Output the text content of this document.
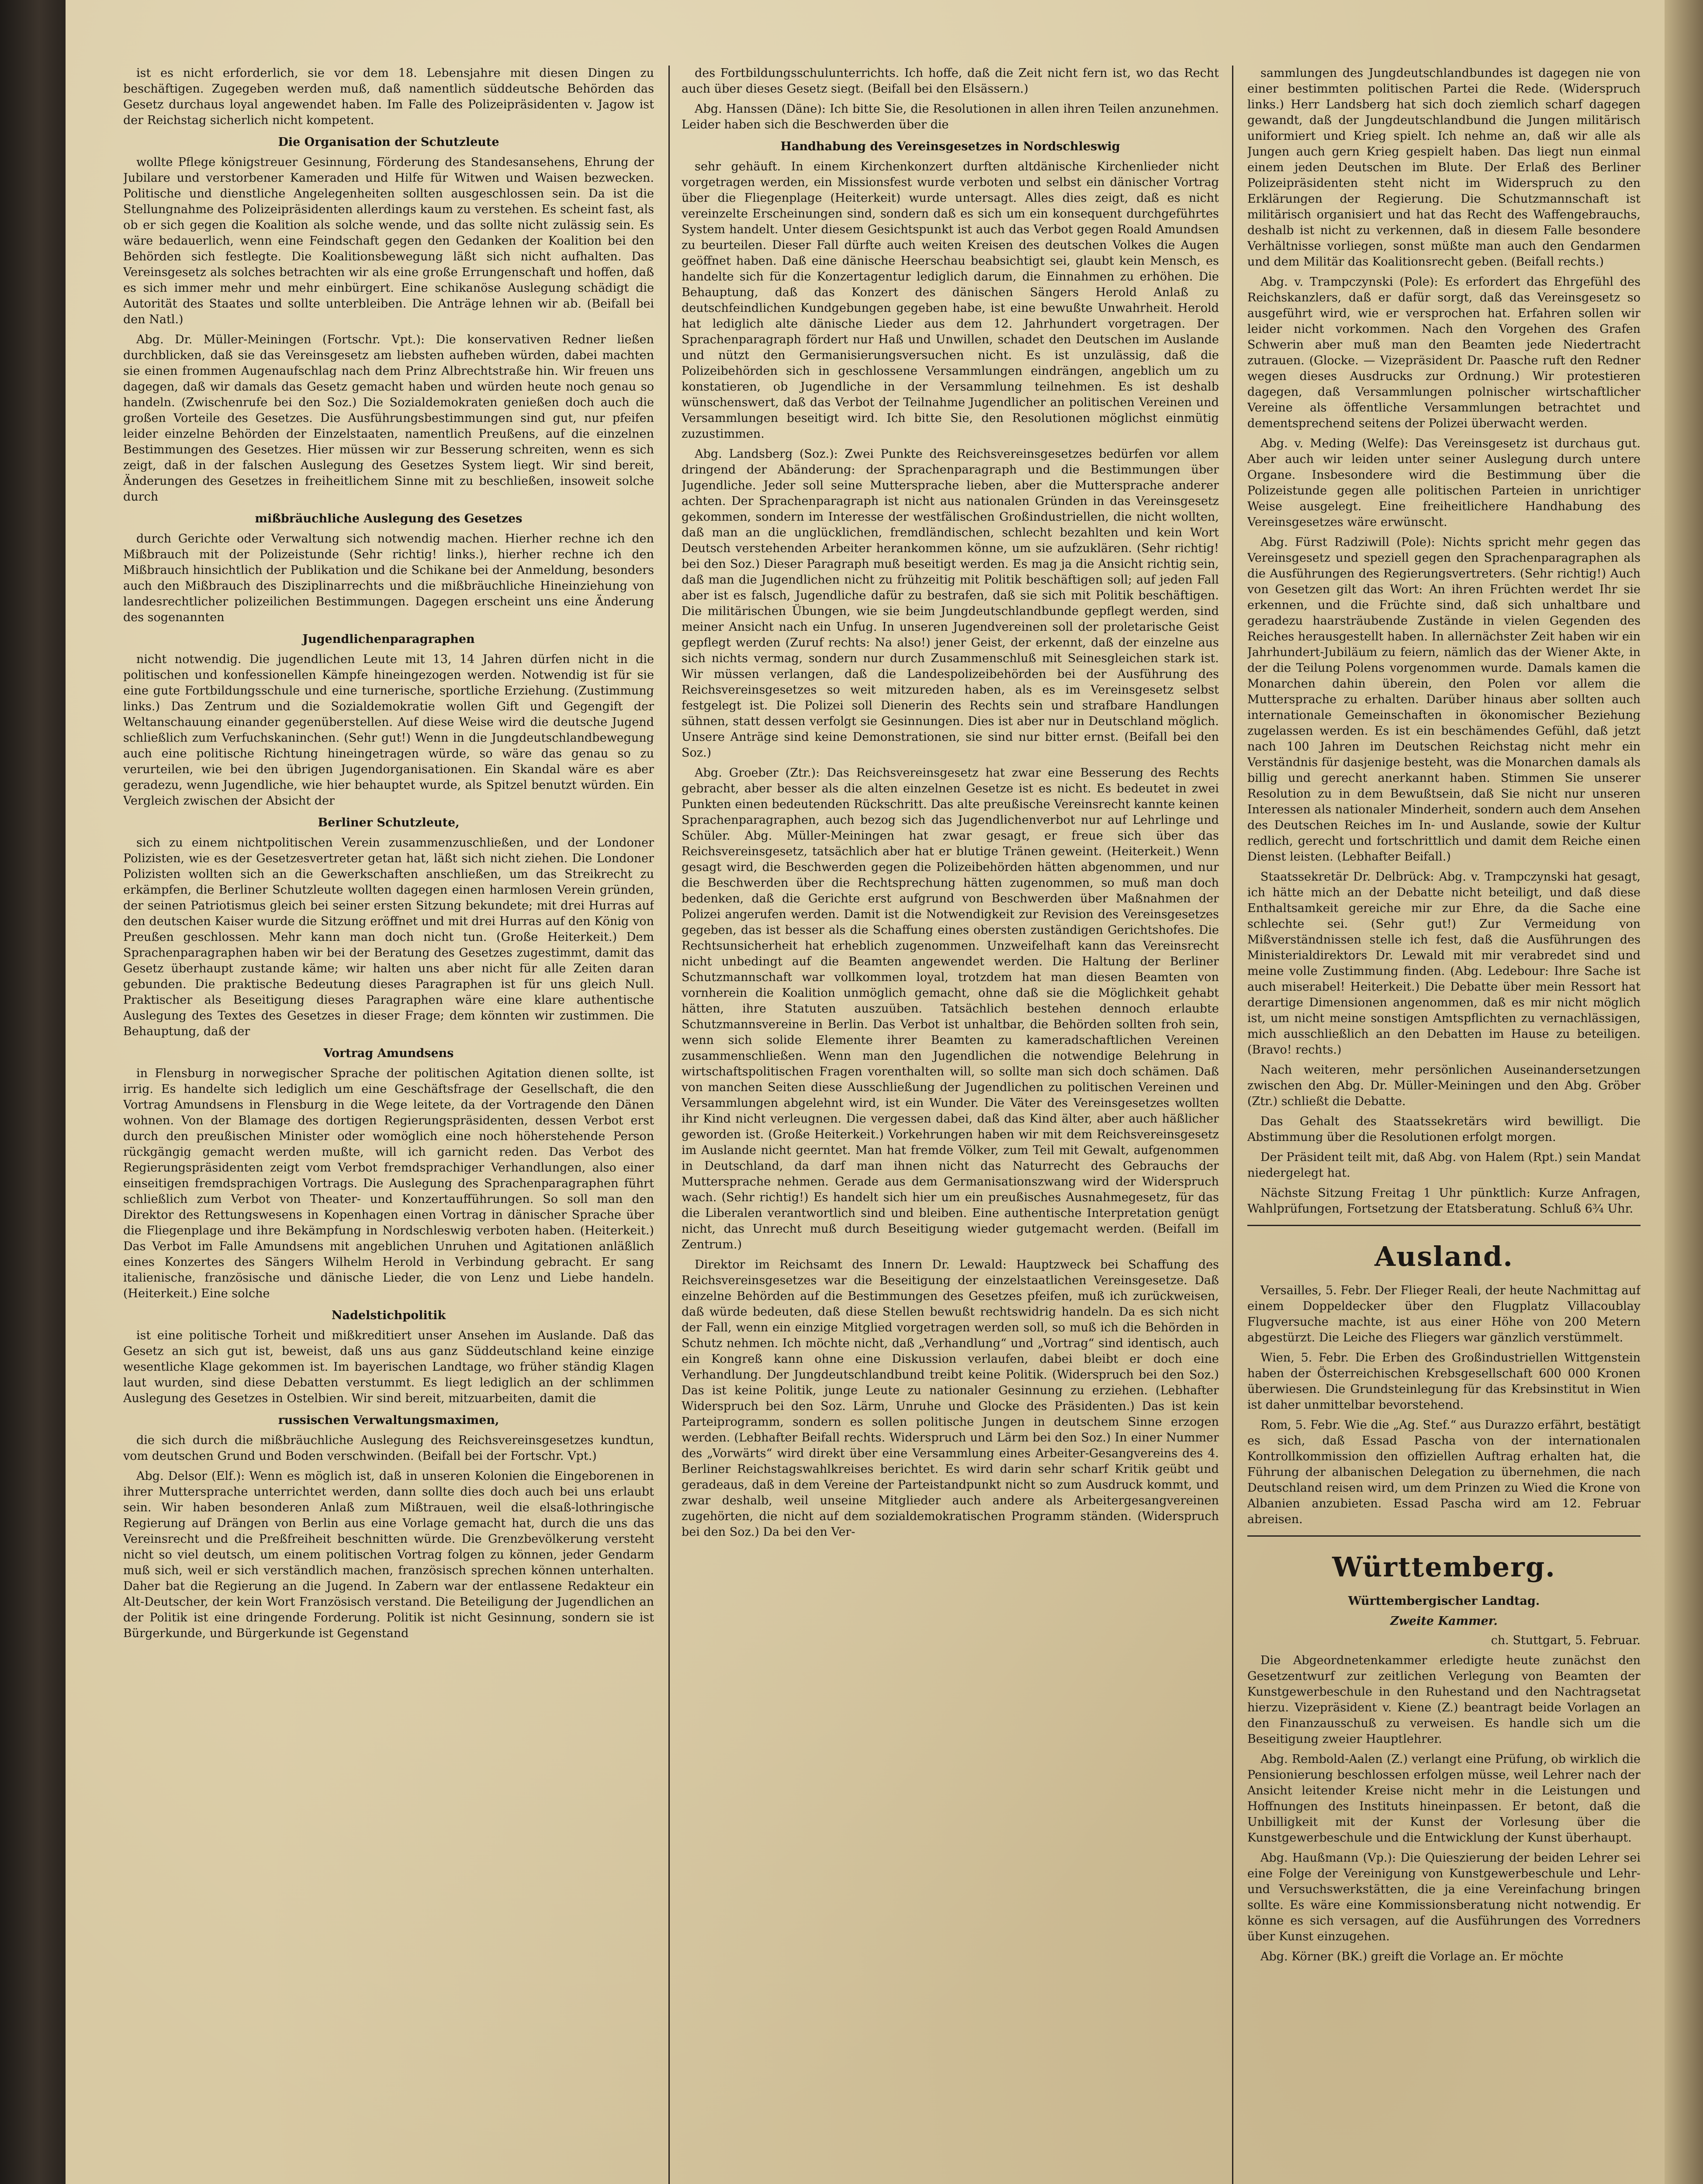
ist es nicht erforderlich, sie vor dem 18. Lebensjahre mit diesen Dingen zu beschäftigen. Zugegeben werden muß, daß namentlich süddeutsche Behörden das Gesetz durchaus loyal angewendet haben. Im Falle des Polizeipräsidenten v. Jagow ist der Reichstag sicherlich nicht kompetent.

Die Organisation der Schutzleute

wollte Pflege königstreuer Gesinnung, Förderung des Standesansehens, Ehrung der Jubilare und verstorbener Kameraden und Hilfe für Witwen und Waisen bezwecken. Politische und dienstliche Angelegenheiten sollten ausgeschlossen sein. Da ist die Stellungnahme des Polizeipräsidenten allerdings kaum zu verstehen. Es scheint fast, als ob er sich gegen die Koalition als solche wende, und das sollte nicht zulässig sein. Es wäre bedauerlich, wenn eine Feindschaft gegen den Gedanken der Koalition bei den Behörden sich festlegte. Die Koalitionsbewegung läßt sich nicht aufhalten. Das Vereinsgesetz als solches betrachten wir als eine große Errungenschaft und hoffen, daß es sich immer mehr und mehr einbürgert. Eine schikanöse Auslegung schädigt die Autorität des Staates und sollte unterbleiben. Die Anträge lehnen wir ab. (Beifall bei den Natl.)

Abg. Dr. Müller-Meiningen (Fortschr. Vpt.): Die konservativen Redner ließen durchblicken, daß sie das Vereinsgesetz am liebsten aufheben würden, dabei machten sie einen frommen Augenaufschlag nach dem Prinz Albrechtstraße hin. Wir freuen uns dagegen, daß wir damals das Gesetz gemacht haben und würden heute noch genau so handeln. (Zwischenrufe bei den Soz.) Die Sozialdemokraten genießen doch auch die großen Vorteile des Gesetzes. Die Ausführungsbestimmungen sind gut, nur pfeifen leider einzelne Behörden der Einzelstaaten, namentlich Preußens, auf die einzelnen Bestimmungen des Gesetzes. Hier müssen wir zur Besserung schreiten, wenn es sich zeigt, daß in der falschen Auslegung des Gesetzes System liegt. Wir sind bereit, Änderungen des Gesetzes in freiheitlichem Sinne mit zu beschließen, insoweit solche durch

mißbräuchliche Auslegung des Gesetzes

durch Gerichte oder Verwaltung sich notwendig machen. Hierher rechne ich den Mißbrauch mit der Polizeistunde (Sehr richtig! links.), hierher rechne ich den Mißbrauch hinsichtlich der Publikation und die Schikane bei der Anmeldung, besonders auch den Mißbrauch des Disziplinarrechts und die mißbräuchliche Hineinziehung von landesrechtlicher polizeilichen Bestimmungen. Dagegen erscheint uns eine Änderung des sogenannten

Jugendlichenparagraphen

nicht notwendig. Die jugendlichen Leute mit 13, 14 Jahren dürfen nicht in die politischen und konfessionellen Kämpfe hineingezogen werden. Notwendig ist für sie eine gute Fortbildungsschule und eine turnerische, sportliche Erziehung. (Zustimmung links.) Das Zentrum und die Sozialdemokratie wollen Gift und Gegengift der Weltanschauung einander gegenüberstellen. Auf diese Weise wird die deutsche Jugend schließlich zum Verfuchskaninchen. (Sehr gut!) Wenn in die Jungdeutschlandbewegung auch eine politische Richtung hineingetragen würde, so wäre das genau so zu verurteilen, wie bei den übrigen Jugendorganisationen. Ein Skandal wäre es aber geradezu, wenn Jugendliche, wie hier behauptet wurde, als Spitzel benutzt würden. Ein Vergleich zwischen der Absicht der

Berliner Schutzleute,

sich zu einem nichtpolitischen Verein zusammenzuschließen, und der Londoner Polizisten, wie es der Gesetzesvertreter getan hat, läßt sich nicht ziehen. Die Londoner Polizisten wollten sich an die Gewerkschaften anschließen, um das Streikrecht zu erkämpfen, die Berliner Schutzleute wollten dagegen einen harmlosen Verein gründen, der seinen Patriotismus gleich bei seiner ersten Sitzung bekundete; mit drei Hurras auf den deutschen Kaiser wurde die Sitzung eröffnet und mit drei Hurras auf den König von Preußen geschlossen. Mehr kann man doch nicht tun. (Große Heiterkeit.) Dem Sprachenparagraphen haben wir bei der Beratung des Gesetzes zugestimmt, damit das Gesetz überhaupt zustande käme; wir halten uns aber nicht für alle Zeiten daran gebunden. Die praktische Bedeutung dieses Paragraphen ist für uns gleich Null. Praktischer als Beseitigung dieses Paragraphen wäre eine klare authentische Auslegung des Textes des Gesetzes in dieser Frage; dem könnten wir zustimmen. Die Behauptung, daß der

Vortrag Amundsens

in Flensburg in norwegischer Sprache der politischen Agitation dienen sollte, ist irrig. Es handelte sich lediglich um eine Geschäftsfrage der Gesellschaft, die den Vortrag Amundsens in Flensburg in die Wege leitete, da der Vortragende den Dänen wohnen. Von der Blamage des dortigen Regierungspräsidenten, dessen Verbot erst durch den preußischen Minister oder womöglich eine noch höherstehende Person rückgängig gemacht werden mußte, will ich garnicht reden. Das Verbot des Regierungspräsidenten zeigt vom Verbot fremdsprachiger Verhandlungen, also einer einseitigen fremdsprachigen Vortrags. Die Auslegung des Sprachenparagraphen führt schließlich zum Verbot von Theater- und Konzertaufführungen. So soll man den Direktor des Rettungswesens in Kopenhagen einen Vortrag in dänischer Sprache über die Fliegenplage und ihre Bekämpfung in Nordschleswig verboten haben. (Heiterkeit.) Das Verbot im Falle Amundsens mit angeblichen Unruhen und Agitationen anläßlich eines Konzertes des Sängers Wilhelm Herold in Verbindung gebracht. Er sang italienische, französische und dänische Lieder, die von Lenz und Liebe handeln. (Heiterkeit.) Eine solche

Nadelstichpolitik

ist eine politische Torheit und mißkreditiert unser Ansehen im Auslande. Daß das Gesetz an sich gut ist, beweist, daß uns aus ganz Süddeutschland keine einzige wesentliche Klage gekommen ist. Im bayerischen Landtage, wo früher ständig Klagen laut wurden, sind diese Debatten verstummt. Es liegt lediglich an der schlimmen Auslegung des Gesetzes in Ostelbien. Wir sind bereit, mitzuarbeiten, damit die

russischen Verwaltungsmaximen,

die sich durch die mißbräuchliche Auslegung des Reichsvereinsgesetzes kundtun, vom deutschen Grund und Boden verschwinden. (Beifall bei der Fortschr. Vpt.)

Abg. Delsor (Elf.): Wenn es möglich ist, daß in unseren Kolonien die Eingeborenen in ihrer Muttersprache unterrichtet werden, dann sollte dies doch auch bei uns erlaubt sein. Wir haben besonderen Anlaß zum Mißtrauen, weil die elsaß-lothringische Regierung auf Drängen von Berlin aus eine Vorlage gemacht hat, durch die uns das Vereinsrecht und die Preßfreiheit beschnitten würde. Die Grenzbevölkerung versteht nicht so viel deutsch, um einem politischen Vortrag folgen zu können, jeder Gendarm muß sich, weil er sich verständlich machen, französisch sprechen können unterhalten. Daher bat die Regierung an die Jugend. In Zabern war der entlassene Redakteur ein Alt-Deutscher, der kein Wort Französisch verstand. Die Beteiligung der Jugendlichen an der Politik ist eine dringende Forderung. Politik ist nicht Gesinnung, sondern sie ist Bürgerkunde, und Bürgerkunde ist Gegenstand

des Fortbildungsschulunterrichts. Ich hoffe, daß die Zeit nicht fern ist, wo das Recht auch über dieses Gesetz siegt. (Beifall bei den Elsässern.)

Abg. Hanssen (Däne): Ich bitte Sie, die Resolutionen in allen ihren Teilen anzunehmen. Leider haben sich die Beschwerden über die

Handhabung des Vereinsgesetzes in Nordschleswig

sehr gehäuft. In einem Kirchenkonzert durften altdänische Kirchenlieder nicht vorgetragen werden, ein Missionsfest wurde verboten und selbst ein dänischer Vortrag über die Fliegenplage (Heiterkeit) wurde untersagt. Alles dies zeigt, daß es nicht vereinzelte Erscheinungen sind, sondern daß es sich um ein konsequent durchgeführtes System handelt. Unter diesem Gesichtspunkt ist auch das Verbot gegen Roald Amundsen zu beurteilen. Dieser Fall dürfte auch weiten Kreisen des deutschen Volkes die Augen geöffnet haben. Daß eine dänische Heerschau beabsichtigt sei, glaubt kein Mensch, es handelte sich für die Konzertagentur lediglich darum, die Einnahmen zu erhöhen. Die Behauptung, daß das Konzert des dänischen Sängers Herold Anlaß zu deutschfeindlichen Kundgebungen gegeben habe, ist eine bewußte Unwahrheit. Herold hat lediglich alte dänische Lieder aus dem 12. Jahrhundert vorgetragen. Der Sprachenparagraph fördert nur Haß und Unwillen, schadet den Deutschen im Auslande und nützt den Germanisierungsversuchen nicht. Es ist unzulässig, daß die Polizeibehörden sich in geschlossene Versammlungen eindrängen, angeblich um zu konstatieren, ob Jugendliche in der Versammlung teilnehmen. Es ist deshalb wünschenswert, daß das Verbot der Teilnahme Jugendlicher an politischen Vereinen und Versammlungen beseitigt wird. Ich bitte Sie, den Resolutionen möglichst einmütig zuzustimmen.

Abg. Landsberg (Soz.): Zwei Punkte des Reichsvereinsgesetzes bedürfen vor allem dringend der Abänderung: der Sprachenparagraph und die Bestimmungen über Jugendliche. Jeder soll seine Muttersprache lieben, aber die Muttersprache anderer achten. Der Sprachenparagraph ist nicht aus nationalen Gründen in das Vereinsgesetz gekommen, sondern im Interesse der westfälischen Großindustriellen, die nicht wollten, daß man an die unglücklichen, fremdländischen, schlecht bezahlten und kein Wort Deutsch verstehenden Arbeiter herankommen könne, um sie aufzuklären. (Sehr richtig! bei den Soz.) Dieser Paragraph muß beseitigt werden. Es mag ja die Ansicht richtig sein, daß man die Jugendlichen nicht zu frühzeitig mit Politik beschäftigen soll; auf jeden Fall aber ist es falsch, Jugendliche dafür zu bestrafen, daß sie sich mit Politik beschäftigen. Die militärischen Übungen, wie sie beim Jungdeutschlandbunde gepflegt werden, sind meiner Ansicht nach ein Unfug. In unseren Jugendvereinen soll der proletarische Geist gepflegt werden (Zuruf rechts: Na also!) jener Geist, der erkennt, daß der einzelne aus sich nichts vermag, sondern nur durch Zusammenschluß mit Seinesgleichen stark ist. Wir müssen verlangen, daß die Landespolizeibehörden bei der Ausführung des Reichsvereinsgesetzes so weit mitzureden haben, als es im Vereinsgesetz selbst festgelegt ist. Die Polizei soll Dienerin des Rechts sein und strafbare Handlungen sühnen, statt dessen verfolgt sie Gesinnungen. Dies ist aber nur in Deutschland möglich. Unsere Anträge sind keine Demonstrationen, sie sind nur bitter ernst. (Beifall bei den Soz.)

Abg. Groeber (Ztr.): Das Reichsvereinsgesetz hat zwar eine Besserung des Rechts gebracht, aber besser als die alten einzelnen Gesetze ist es nicht. Es bedeutet in zwei Punkten einen bedeutenden Rückschritt. Das alte preußische Vereinsrecht kannte keinen Sprachenparagraphen, auch bezog sich das Jugendlichenverbot nur auf Lehrlinge und Schüler. Abg. Müller-Meiningen hat zwar gesagt, er freue sich über das Reichsvereinsgesetz, tatsächlich aber hat er blutige Tränen geweint. (Heiterkeit.) Wenn gesagt wird, die Beschwerden gegen die Polizeibehörden hätten abgenommen, und nur die Beschwerden über die Rechtsprechung hätten zugenommen, so muß man doch bedenken, daß die Gerichte erst aufgrund von Beschwerden über Maßnahmen der Polizei angerufen werden. Damit ist die Notwendigkeit zur Revision des Vereinsgesetzes gegeben, das ist besser als die Schaffung eines obersten zuständigen Gerichtshofes. Die Rechtsunsicherheit hat erheblich zugenommen. Unzweifelhaft kann das Vereinsrecht nicht unbedingt auf die Beamten angewendet werden. Die Haltung der Berliner Schutzmannschaft war vollkommen loyal, trotzdem hat man diesen Beamten von vornherein die Koalition unmöglich gemacht, ohne daß sie die Möglichkeit gehabt hätten, ihre Statuten auszuüben. Tatsächlich bestehen dennoch erlaubte Schutzmannsvereine in Berlin. Das Verbot ist unhaltbar, die Behörden sollten froh sein, wenn sich solide Elemente ihrer Beamten zu kameradschaftlichen Vereinen zusammenschließen. Wenn man den Jugendlichen die notwendige Belehrung in wirtschaftspolitischen Fragen vorenthalten will, so sollte man sich doch schämen. Daß von manchen Seiten diese Ausschließung der Jugendlichen zu politischen Vereinen und Versammlungen abgelehnt wird, ist ein Wunder. Die Väter des Vereinsgesetzes wollten ihr Kind nicht verleugnen. Die vergessen dabei, daß das Kind älter, aber auch häßlicher geworden ist. (Große Heiterkeit.) Vorkehrungen haben wir mit dem Reichsvereinsgesetz im Auslande nicht geerntet. Man hat fremde Völker, zum Teil mit Gewalt, aufgenommen in Deutschland, da darf man ihnen nicht das Naturrecht des Gebrauchs der Muttersprache nehmen. Gerade aus dem Germanisationszwang wird der Widerspruch wach. (Sehr richtig!) Es handelt sich hier um ein preußisches Ausnahmegesetz, für das die Liberalen verantwortlich sind und bleiben. Eine authentische Interpretation genügt nicht, das Unrecht muß durch Beseitigung wieder gutgemacht werden. (Beifall im Zentrum.)

Direktor im Reichsamt des Innern Dr. Lewald: Hauptzweck bei Schaffung des Reichsvereinsgesetzes war die Beseitigung der einzelstaatlichen Vereinsgesetze. Daß einzelne Behörden auf die Bestimmungen des Gesetzes pfeifen, muß ich zurückweisen, daß würde bedeuten, daß diese Stellen bewußt rechtswidrig handeln. Da es sich nicht der Fall, wenn ein einzige Mitglied vorgetragen werden soll, so muß ich die Behörden in Schutz nehmen. Ich möchte nicht, daß „Verhandlung“ und „Vortrag“ sind identisch, auch ein Kongreß kann ohne eine Diskussion verlaufen, dabei bleibt er doch eine Verhandlung. Der Jungdeutschlandbund treibt keine Politik. (Widerspruch bei den Soz.) Das ist keine Politik, junge Leute zu nationaler Gesinnung zu erziehen. (Lebhafter Widerspruch bei den Soz. Lärm, Unruhe und Glocke des Präsidenten.) Das ist kein Parteiprogramm, sondern es sollen politische Jungen in deutschem Sinne erzogen werden. (Lebhafter Beifall rechts. Widerspruch und Lärm bei den Soz.) In einer Nummer des „Vorwärts“ wird direkt über eine Versammlung eines Arbeiter-Gesangvereins des 4. Berliner Reichstagswahlkreises berichtet. Es wird darin sehr scharf Kritik geübt und geradeaus, daß in dem Vereine der Parteistandpunkt nicht so zum Ausdruck kommt, und zwar deshalb, weil unseine Mitglieder auch andere als Arbeitergesangvereinen zugehörten, die nicht auf dem sozialdemokratischen Programm ständen. (Widerspruch bei den Soz.) Da bei den Ver-

sammlungen des Jungdeutschlandbundes ist dagegen nie von einer bestimmten politischen Partei die Rede. (Widerspruch links.) Herr Landsberg hat sich doch ziemlich scharf dagegen gewandt, daß der Jungdeutschlandbund die Jungen militärisch uniformiert und Krieg spielt. Ich nehme an, daß wir alle als Jungen auch gern Krieg gespielt haben. Das liegt nun einmal einem jeden Deutschen im Blute. Der Erlaß des Berliner Polizeipräsidenten steht nicht im Widerspruch zu den Erklärungen der Regierung. Die Schutzmannschaft ist militärisch organisiert und hat das Recht des Waffengebrauchs, deshalb ist nicht zu verkennen, daß in diesem Falle besondere Verhältnisse vorliegen, sonst müßte man auch den Gendarmen und dem Militär das Koalitionsrecht geben. (Beifall rechts.)

Abg. v. Trampczynski (Pole): Es erfordert das Ehrgefühl des Reichskanzlers, daß er dafür sorgt, daß das Vereinsgesetz so ausgeführt wird, wie er versprochen hat. Erfahren sollen wir leider nicht vorkommen. Nach den Vorgehen des Grafen Schwerin aber muß man den Beamten jede Niedertracht zutrauen. (Glocke. — Vizepräsident Dr. Paasche ruft den Redner wegen dieses Ausdrucks zur Ordnung.) Wir protestieren dagegen, daß Versammlungen polnischer wirtschaftlicher Vereine als öffentliche Versammlungen betrachtet und dementsprechend seitens der Polizei überwacht werden.

Abg. v. Meding (Welfe): Das Vereinsgesetz ist durchaus gut. Aber auch wir leiden unter seiner Auslegung durch untere Organe. Insbesondere wird die Bestimmung über die Polizeistunde gegen alle politischen Parteien in unrichtiger Weise ausgelegt. Eine freiheitlichere Handhabung des Vereinsgesetzes wäre erwünscht.

Abg. Fürst Radziwill (Pole): Nichts spricht mehr gegen das Vereinsgesetz und speziell gegen den Sprachenparagraphen als die Ausführungen des Regierungsvertreters. (Sehr richtig!) Auch von Gesetzen gilt das Wort: An ihren Früchten werdet Ihr sie erkennen, und die Früchte sind, daß sich unhaltbare und geradezu haarsträubende Zustände in vielen Gegenden des Reiches herausgestellt haben. In allernächster Zeit haben wir ein Jahrhundert-Jubiläum zu feiern, nämlich das der Wiener Akte, in der die Teilung Polens vorgenommen wurde. Damals kamen die Monarchen dahin überein, den Polen vor allem die Muttersprache zu erhalten. Darüber hinaus aber sollten auch internationale Gemeinschaften in ökonomischer Beziehung zugelassen werden. Es ist ein beschämendes Gefühl, daß jetzt nach 100 Jahren im Deutschen Reichstag nicht mehr ein Verständnis für dasjenige besteht, was die Monarchen damals als billig und gerecht anerkannt haben. Stimmen Sie unserer Resolution zu in dem Bewußtsein, daß Sie nicht nur unseren Interessen als nationaler Minderheit, sondern auch dem Ansehen des Deutschen Reiches im In- und Auslande, sowie der Kultur redlich, gerecht und fortschrittlich und damit dem Reiche einen Dienst leisten. (Lebhafter Beifall.)

Staatssekretär Dr. Delbrück: Abg. v. Trampczynski hat gesagt, ich hätte mich an der Debatte nicht beteiligt, und daß diese Enthaltsamkeit gereiche mir zur Ehre, da die Sache eine schlechte sei. (Sehr gut!) Zur Vermeidung von Mißverständnissen stelle ich fest, daß die Ausführungen des Ministerialdirektors Dr. Lewald mit mir verabredet sind und meine volle Zustimmung finden. (Abg. Ledebour: Ihre Sache ist auch miserabel! Heiterkeit.) Die Debatte über mein Ressort hat derartige Dimensionen angenommen, daß es mir nicht möglich ist, um nicht meine sonstigen Amtspflichten zu vernachlässigen, mich ausschließlich an den Debatten im Hause zu beteiligen. (Bravo! rechts.)

Nach weiteren, mehr persönlichen Auseinandersetzungen zwischen den Abg. Dr. Müller-Meiningen und den Abg. Gröber (Ztr.) schließt die Debatte.

Das Gehalt des Staatssekretärs wird bewilligt. Die Abstimmung über die Resolutionen erfolgt morgen.

Der Präsident teilt mit, daß Abg. von Halem (Rpt.) sein Mandat niedergelegt hat.

Nächste Sitzung Freitag 1 Uhr pünktlich: Kurze Anfragen, Wahlprüfungen, Fortsetzung der Etatsberatung. Schluß 6¾ Uhr.

Ausland.

Versailles, 5. Febr. Der Flieger Reali, der heute Nachmittag auf einem Doppeldecker über den Flugplatz Villacoublay Flugversuche machte, ist aus einer Höhe von 200 Metern abgestürzt. Die Leiche des Fliegers war gänzlich verstümmelt.

Wien, 5. Febr. Die Erben des Großindustriellen Wittgenstein haben der Österreichischen Krebsgesellschaft 600 000 Kronen überwiesen. Die Grundsteinlegung für das Krebsinstitut in Wien ist daher unmittelbar bevorstehend.

Rom, 5. Febr. Wie die „Ag. Stef.“ aus Durazzo erfährt, bestätigt es sich, daß Essad Pascha von der internationalen Kontrollkommission den offiziellen Auftrag erhalten hat, die Führung der albanischen Delegation zu übernehmen, die nach Deutschland reisen wird, um dem Prinzen zu Wied die Krone von Albanien anzubieten. Essad Pascha wird am 12. Februar abreisen.

Württemberg.

Württembergischer Landtag.

Zweite Kammer.

ch. Stuttgart, 5. Februar.

Die Abgeordnetenkammer erledigte heute zunächst den Gesetzentwurf zur zeitlichen Verlegung von Beamten der Kunstgewerbeschule in den Ruhestand und den Nachtragsetat hierzu. Vizepräsident v. Kiene (Z.) beantragt beide Vorlagen an den Finanzausschuß zu verweisen. Es handle sich um die Beseitigung zweier Hauptlehrer.

Abg. Rembold-Aalen (Z.) verlangt eine Prüfung, ob wirklich die Pensionierung beschlossen erfolgen müsse, weil Lehrer nach der Ansicht leitender Kreise nicht mehr in die Leistungen und Hoffnungen des Instituts hineinpassen. Er betont, daß die Unbilligkeit mit der Kunst der Vorlesung über die Kunstgewerbeschule und die Entwicklung der Kunst überhaupt.

Abg. Haußmann (Vp.): Die Quieszierung der beiden Lehrer sei eine Folge der Vereinigung von Kunstgewerbeschule und Lehr- und Versuchswerkstätten, die ja eine Vereinfachung bringen sollte. Es wäre eine Kommissionsberatung nicht notwendig. Er könne es sich versagen, auf die Ausführungen des Vorredners über Kunst einzugehen.

Abg. Körner (BK.) greift die Vorlage an. Er möchte
